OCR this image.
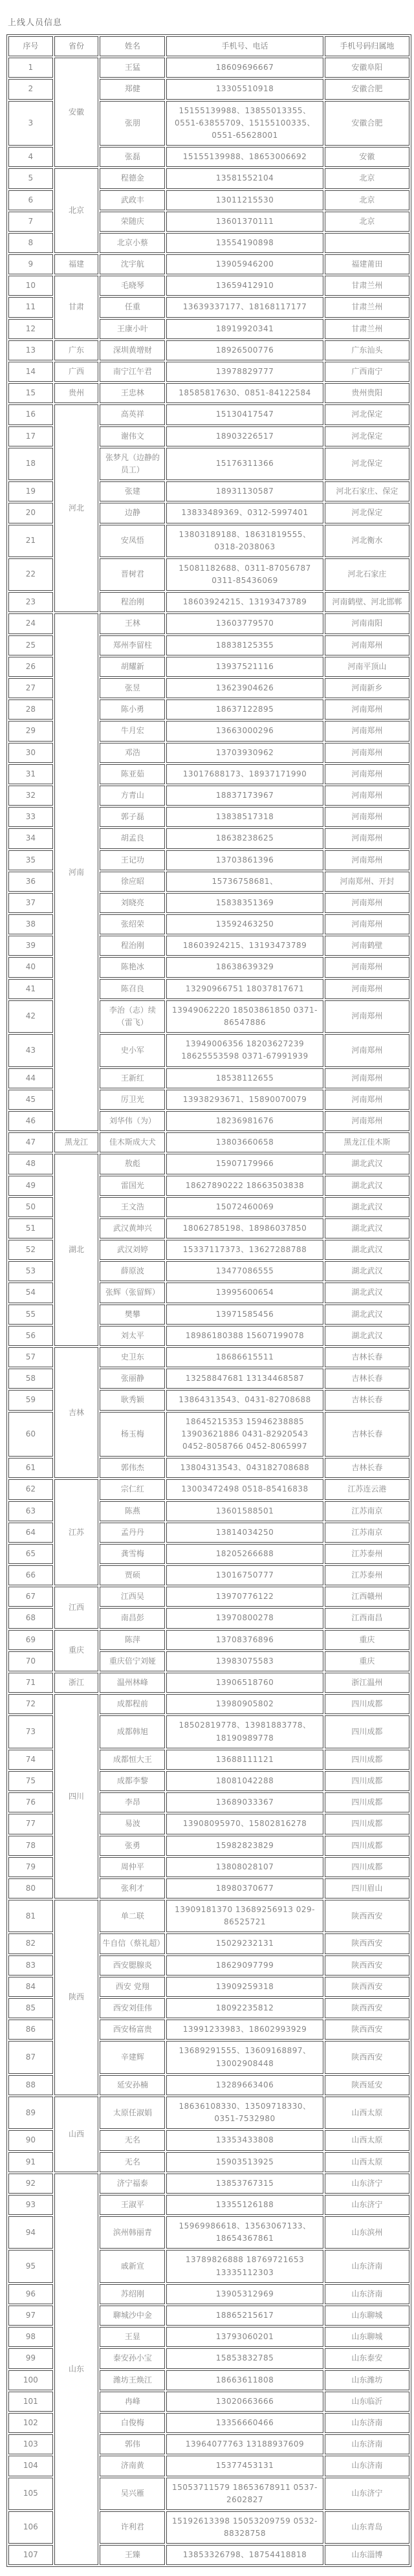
上线人员信息
序号	省份	姓名	手机号、电话	手机号码归属地
1	安徽	王猛	18609696667	安徽阜阳
2		郑健	13305510918	安徽合肥
3		张朋	15155139988、13855013355、0551-63855709、15155100335、0551-65628001	安徽合肥
4		张磊	15155139988、18653006692	安徽
5	北京	程德金	13581552104	北京
6		武政丰	13011215530	北京
7		荣随庆	13601370111	北京
8		北京小蔡	13554190898	
9	福建	沈宇航	13905946200	福建莆田
10	甘肃	毛晓琴	13659412910	甘肃兰州
11		任重	13639337177、18168117177	甘肃兰州
12		王康小叶	18919920341	甘肃兰州
13	广东	深圳黄增财	18926500776	广东汕头
14	广西	南宁江午君	13978829777	广西南宁
15	贵州	王忠林	18585817630、0851-84122584	贵州贵阳
16	河北	高英祥	15130417547	河北保定
17		谢伟文	18903226517	河北保定
18		张梦凡（边静的员工）	15176311366	河北保定
19		张建	18931130587	河北石家庄、保定
20		边静	13833489369、0312-5997401	河北保定
21		安凤悟	13803189188、18631819555、0318-2038063	河北衡水
22		晋树君	15081182688、0311-87056787 0311-85436069	河北石家庄
23		程治刚	18603924215、13193473789	河南鹤壁、河北邯郸
24	河南	王林	13603779570	河南南阳
25		郑州李留柱	18838125355	河南郑州
26		胡耀新	13937521116	河南平顶山
27		张昱	13623904626	河南新乡
28		陈小勇	18637122895	河南郑州
29		牛月宏	13663000296	河南郑州
30		邓浩	13703930962	河南郑州
31		陈亚茹	13017688173、18937171990	河南郑州
32		方青山	18837173967	河南郑州
33		郭子磊	13838517318	河南郑州
34		胡孟良	18638238625	河南郑州
35		王记功	13703861396	河南郑州
36		徐应昭	15736758681、	河南郑州、开封
37		刘晓亮	15838351369	河南郑州
38		张绍荣	13592463250	河南郑州
39		程治刚	18603924215、13193473789	河南鹤壁
40		陈艳冰	18638639329	河南郑州
41		陈召良	13290966751 18037817671	河南郑州
42		李治（志）续（雷飞）	13949062220 18503861850 0371-86547886	河南郑州
43		史小军	13949006356 18203627239 18625553598 0371-67991939	河南郑州
44		王新红	18538112655	河南郑州
45		厉卫光	13938293671、15890070079	河南郑州
46		刘华伟（为）	18236981676	河南郑州
47	黑龙江	佳木斯成大犬	13803660658	黑龙江佳木斯
48	湖北	敖彪	15907179966	湖北武汉
49		雷国光	18627890222 18663503838	湖北武汉
50		王文浩	15072460069	湖北武汉
51		武汉黄坤兴	18062785198、18986037850	湖北武汉
52		武汉刘婷	15337117373、13627288788	湖北武汉
53		薛原波	13477086555	湖北武汉
54		张辉（张留辉）	13995600654	湖北武汉
55		樊攀	13971585456	湖北武汉
56		刘太平	18986180388 15607199078	湖北武汉
57	吉林	史卫东	18686615511	吉林长春
58		张丽静	13258847681 13134468587	吉林长春
59		耿秀颖	13864313543、0431-82708688	吉林长春
60		杨玉梅	18645215353 15946238885 13903621886 0431-82920543 0452-8058766 0452-8065997	吉林长春
61		郭伟杰	13804313543、043182708688	吉林长春
62	江苏	宗仁红	13003472498 0518-85416838	江苏连云港
63		陈燕	13601588501	江苏南京
64		孟丹丹	13814034250	江苏南京
65		龚雪梅	18205266688	江苏泰州
66		贾硕	13016750777	江苏泰州
67	江西	江西吴	13970776122	江西赣州
68		南昌彭	13970800278	江西南昌
69	重庆	陈萍	13708376896	重庆
70		重庆倍宁刘娅	13983075583	重庆
71	浙江	温州林峰	13906518760	浙江温州
72	四川	成都程前	13980905802	四川成都
73		成都韩旭	18502819778、13981883778、18190989778	四川成都
74		成都恒大王	13688111121	四川成都
75		成都李黎	18081042288	四川成都
76		李昂	13689033367	四川成都
77		易波	13908095970、15802816278	四川成都
78		张勇	15982823829	四川成都
79		周仲平	13808028107	四川成都
80		张利才	18980370677	四川眉山
81	陕西	单二联	13909181370 13689256913 029-86525721	陕西西安
82		牛自信（蔡礼超）	15029232131	陕西西安
83		西安腮腺炎	18629097799	陕西西安
84		西安 党翔	13909259318	陕西西安
85		西安刘佳伟	18092235812	陕西西安
86		西安杨富贵	13991233983、18602993929	陕西西安
87		辛建辉	13689291555、13609168897、13002908448	陕西西安
88		延安孙楠	13289663406	陕西延安
89	山西	太原任淑娟	18636108330、13509718330、0351-7532980	山西太原
90		无名	13353433808	山西太原
91		无名	15903513925	山西太原
92	山东	济宁福泰	13853767315	山东济宁
93		王淑平	13355126188	山东济宁
94		滨州韩丽青	15969986618、13563067133、18654367861	山东滨州
95		戚新宣	13789826888 18769721653 13335112303	山东济南
96		苏绍刚	13905312969	山东济南
97		聊城沙中金	18865215617	山东聊城
98		王显	13793060201	山东聊城
99		泰安孙小宝	15853832785	山东泰安
100		潍坊王焕江	18663611808	山东潍坊
101		冉峰	13020663666	山东临沂
102		白俊梅	13356660466	山东济南
103		郭伟	13964077763 13188937609	山东济南
104		济南黄	15377453131	山东济南
105		吴兴雁	15053711579 18653678911 0537-2602827	山东济宁
106		许利君	15192613398 15053209759 0532-88328758	山东青岛
107		王臻	13853326798、18754418818	山东淄博
